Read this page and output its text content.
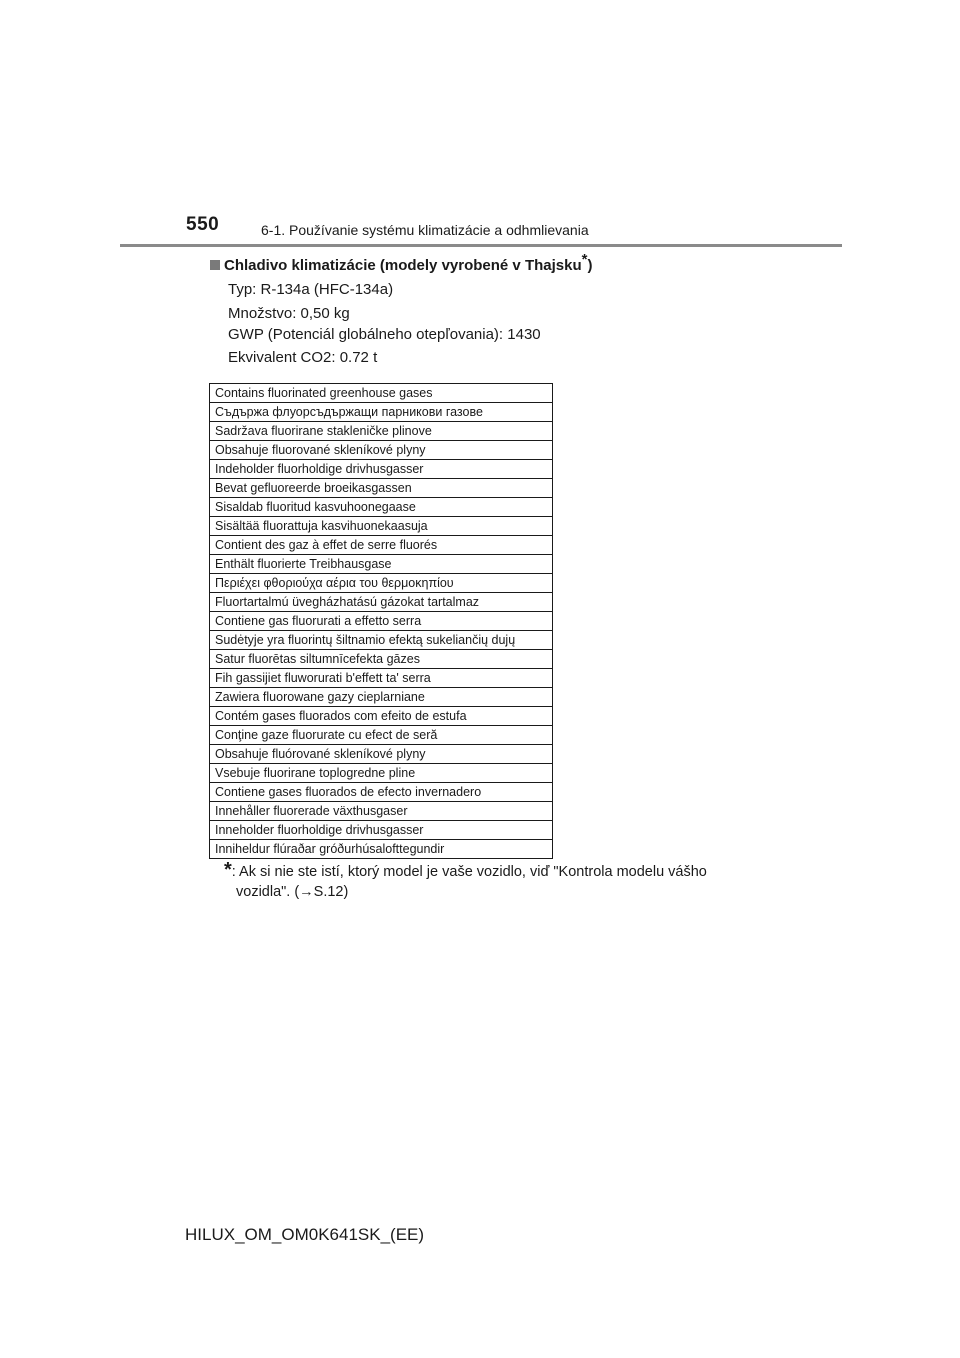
550	6-1. Používanie systému klimatizácie a odhmlievania
Chladivo klimatizácie (modely vyrobené v Thajsku*)
Typ: R-134a (HFC-134a)
Množstvo: 0,50 kg
GWP (Potenciál globálneho otepľovania): 1430
Ekvivalent CO2: 0.72 t
Contains fluorinated greenhouse gases
Съдържа флуорсъдържащи парникови газове
Sadržava fluorirane stakleničke plinove
Obsahuje fluorované skleníkové plyny
Indeholder fluorholdige drivhusgasser
Bevat gefluoreerde broeikasgassen
Sisaldab fluoritud kasvuhoonegaase
Sisältää fluorattuja kasvihuonekaasuja
Contient des gaz à effet de serre fluorés
Enthält fluorierte Treibhausgase
Περιέχει φθοριούχα αέρια του θερμοκηπίου
Fluortartalmú üvegházhatású gázokat tartalmaz
Contiene gas fluorurati a effetto serra
Sudėtyje yra fluorintų šiltnamio efektą sukeliančių dujų
Satur fluorētas siltumnīcefekta gāzes
Fih gassijiet fluworurati b'effett ta' serra
Zawiera fluorowane gazy cieplarniane
Contém gases fluorados com efeito de estufa
Conţine gaze fluorurate cu efect de seră
Obsahuje fluórované skleníkové plyny
Vsebuje fluorirane toplogredne pline
Contiene gases fluorados de efecto invernadero
Innehåller fluorerade växthusgaser
Inneholder fluorholdige drivhusgasser
Inniheldur flúraðar gróðurhúsalofttegundir
*: Ak si nie ste istí, ktorý model je vaše vozidlo, viď "Kontrola modelu vášho
vozidla". (→S.12)
HILUX_OM_OM0K641SK_(EE)
